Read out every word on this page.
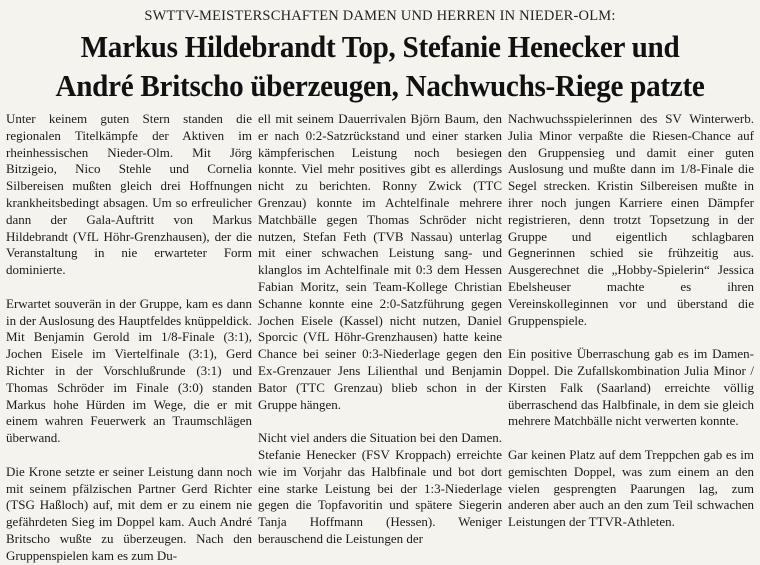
SWTTV-MEISTERSCHAFTEN DAMEN UND HERREN IN NIEDER-OLM:
Markus Hildebrandt Top, Stefanie Henecker und
André Britscho überzeugen, Nachwuchs-Riege patzte

Unter keinem guten Stern standen die regionalen Titelkämpfe der Aktiven im rheinhessischen Nieder-Olm. Mit Jörg Bitzigeio, Nico Stehle und Cornelia Silbereisen mußten gleich drei Hoffnungen krankheitsbedingt absagen. Um so erfreulicher dann der Gala-Auftritt von Markus Hildebrandt (VfL Höhr-Grenzhausen), der die Veranstaltung in nie erwarteter Form dominierte.

Erwartet souverän in der Gruppe, kam es dann in der Auslosung des Hauptfeldes knüppeldick. Mit Benjamin Gerold im 1/8-Finale (3:1), Jochen Eisele im Viertelfinale (3:1), Gerd Richter in der Vorschlußrunde (3:1) und Thomas Schröder im Finale (3:0) standen Markus hohe Hürden im Wege, die er mit einem wahren Feuerwerk an Traumschlägen überwand.

Die Krone setzte er seiner Leistung dann noch mit seinem pfälzischen Partner Gerd Richter (TSG Haßloch) auf, mit dem er zu einem nie gefährdeten Sieg im Doppel kam. Auch André Britscho wußte zu überzeugen. Nach den Gruppenspielen kam es zum Du-

ell mit seinem Dauerrivalen Björn Baum, den er nach 0:2-Satzrückstand und einer starken kämpferischen Leistung noch besiegen konnte. Viel mehr positives gibt es allerdings nicht zu berichten. Ronny Zwick (TTC Grenzau) konnte im Achtelfinale mehrere Matchbälle gegen Thomas Schröder nicht nutzen, Stefan Feth (TVB Nassau) unterlag mit einer schwachen Leistung sang- und klanglos im Achtelfinale mit 0:3 dem Hessen Fabian Moritz, sein Team-Kollege Christian Schanne konnte eine 2:0-Satzführung gegen Jochen Eisele (Kassel) nicht nutzen, Daniel Sporcic (VfL Höhr-Grenzhausen) hatte keine Chance bei seiner 0:3-Niederlage gegen den Ex-Grenzauer Jens Lilienthal und Benjamin Bator (TTC Grenzau) blieb schon in der Gruppe hängen.

Nicht viel anders die Situation bei den Damen. Stefanie Henecker (FSV Kroppach) erreichte wie im Vorjahr das Halbfinale und bot dort eine starke Leistung bei der 1:3-Niederlage gegen die Topfavoritin und spätere Siegerin Tanja Hoffmann (Hessen). Weniger berauschend die Leistungen der

Nachwuchsspielerinnen des SV Winterwerb. Julia Minor verpaßte die Riesen-Chance auf den Gruppensieg und damit einer guten Auslosung und mußte dann im 1/8-Finale die Segel strecken. Kristin Silbereisen mußte in ihrer noch jungen Karriere einen Dämpfer registrieren, denn trotzt Topsetzung in der Gruppe und eigentlich schlagbaren Gegnerinnen schied sie frühzeitig aus. Ausgerechnet die „Hobby-Spielerin“ Jessica Ebelsheuser machte es ihren Vereinskolleginnen vor und überstand die Gruppenspiele.

Ein positive Überraschung gab es im Damen-Doppel. Die Zufallskombination Julia Minor / Kirsten Falk (Saarland) erreichte völlig überraschend das Halbfinale, in dem sie gleich mehrere Matchbälle nicht verwerten konnte.

Gar keinen Platz auf dem Treppchen gab es im gemischten Doppel, was zum einem an den vielen gesprengten Paarungen lag, zum anderen aber auch an den zum Teil schwachen Leistungen der TTVR-Athleten.
